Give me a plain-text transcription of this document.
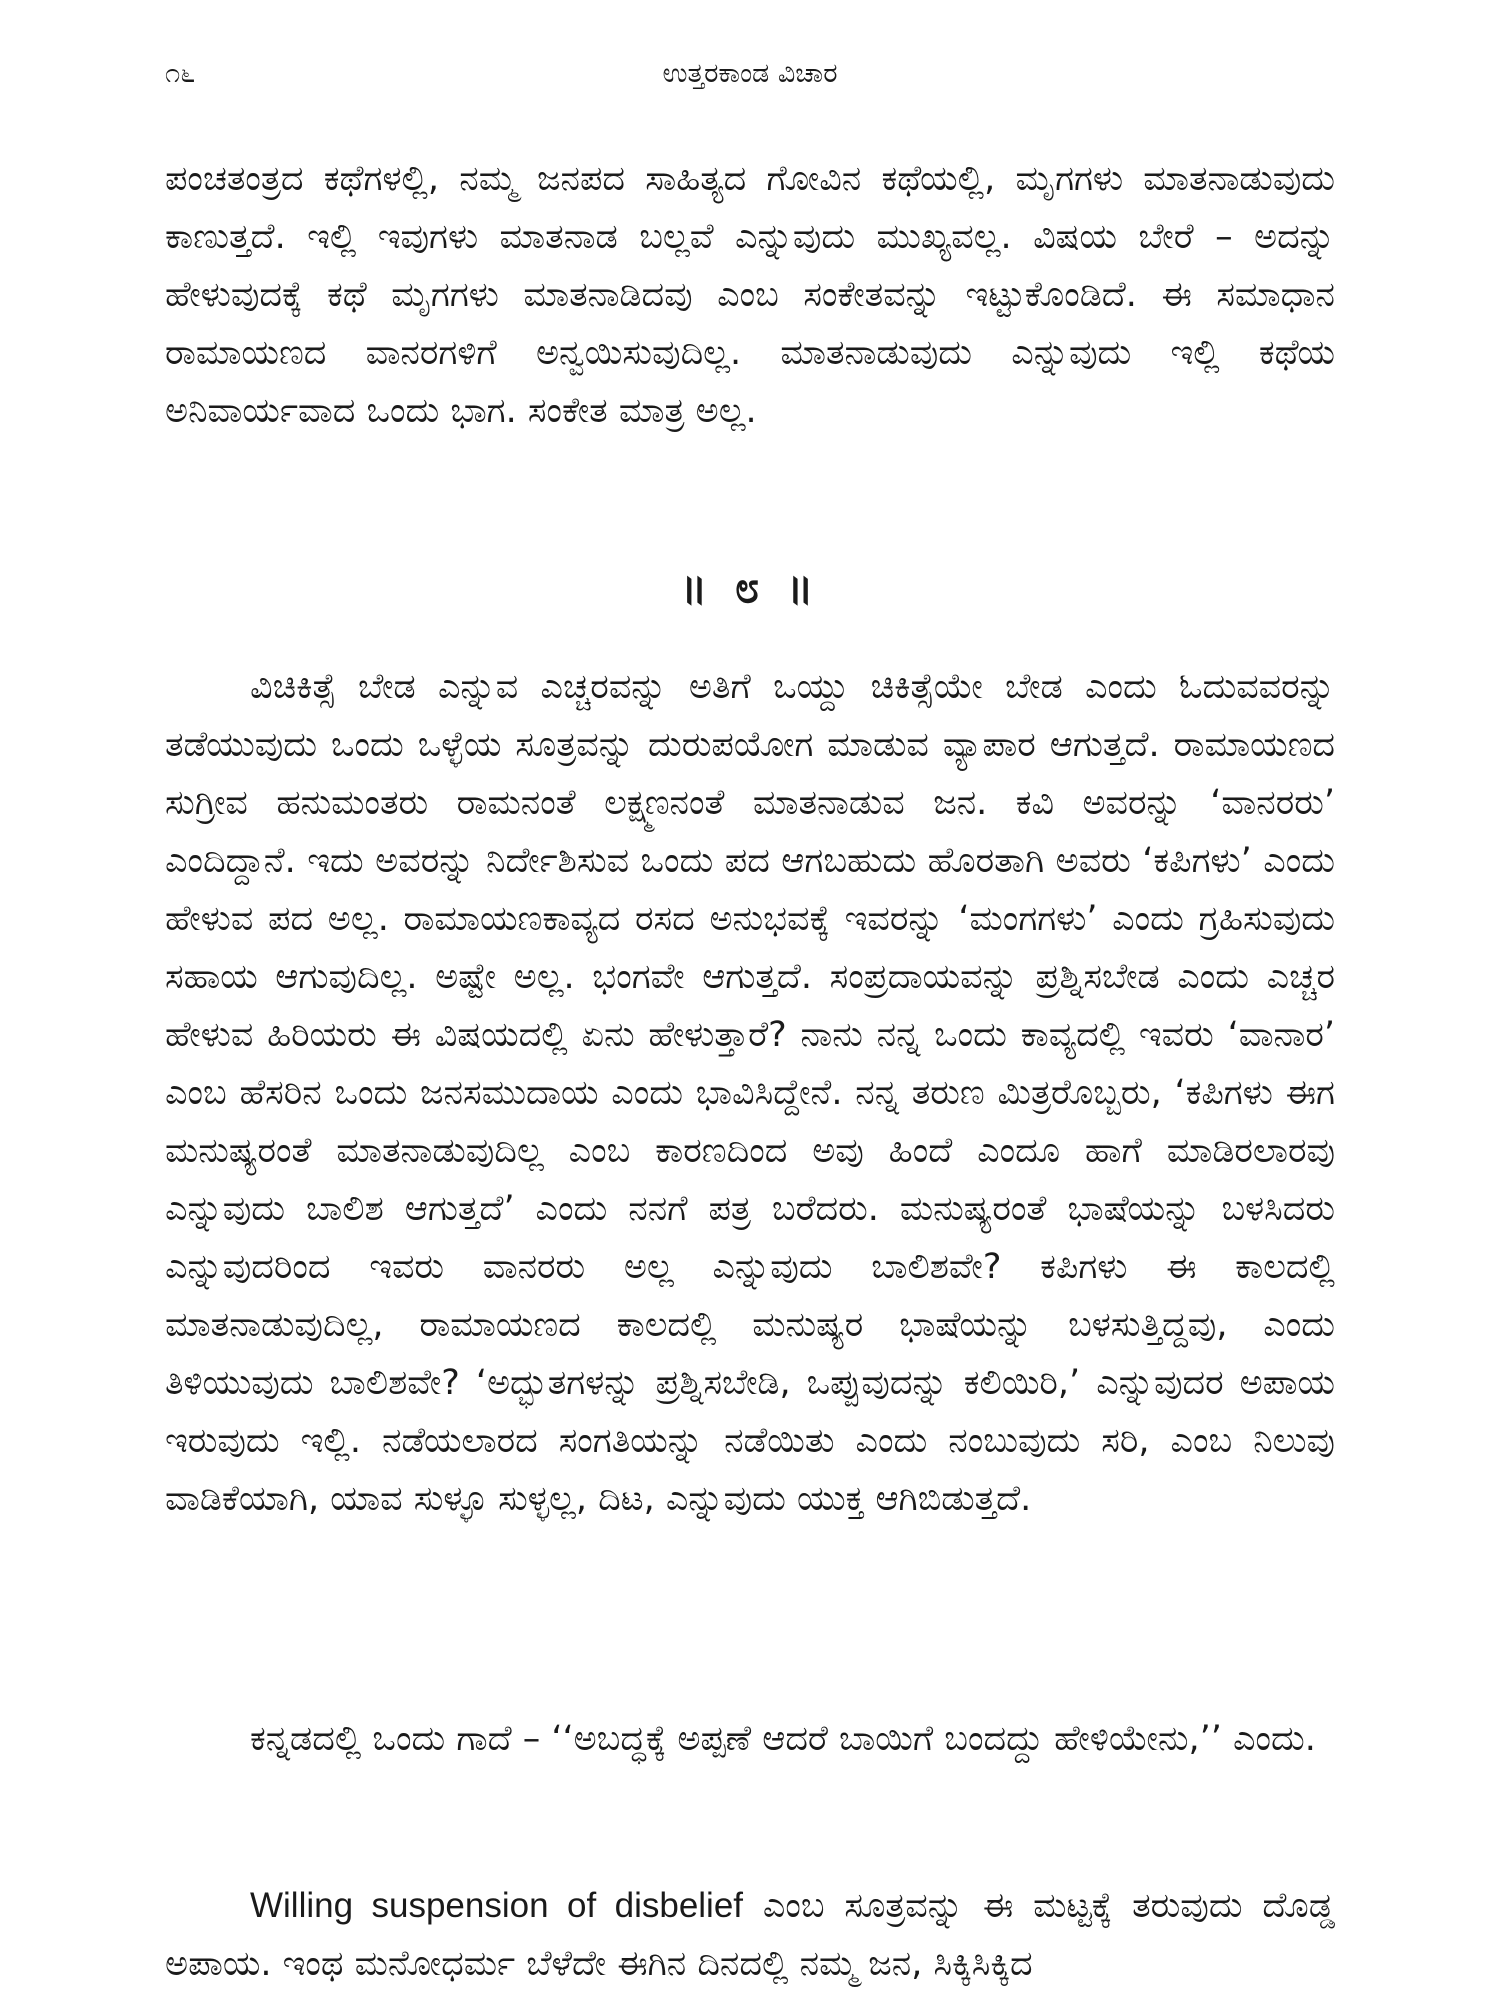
೧೬	ಉತ್ತರಕಾಂಡ ವಿಚಾರ

ಪಂಚತಂತ್ರದ ಕಥೆಗಳಲ್ಲಿ, ನಮ್ಮ ಜನಪದ ಸಾಹಿತ್ಯದ ಗೋವಿನ ಕಥೆಯಲ್ಲಿ, ಮೃಗಗಳು ಮಾತನಾಡುವುದು ಕಾಣುತ್ತದೆ. ಇಲ್ಲಿ ಇವುಗಳು ಮಾತನಾಡ ಬಲ್ಲವೆ ಎನ್ನುವುದು ಮುಖ್ಯವಲ್ಲ. ವಿಷಯ ಬೇರೆ – ಅದನ್ನು ಹೇಳುವುದಕ್ಕೆ ಕಥೆ ಮೃಗಗಳು ಮಾತನಾಡಿದವು ಎಂಬ ಸಂಕೇತವನ್ನು ಇಟ್ಟುಕೊಂಡಿದೆ. ಈ ಸಮಾಧಾನ ರಾಮಾಯಣದ ವಾನರಗಳಿಗೆ ಅನ್ವಯಿಸುವುದಿಲ್ಲ. ಮಾತನಾಡುವುದು ಎನ್ನುವುದು ಇಲ್ಲಿ ಕಥೆಯ ಅನಿವಾರ್ಯವಾದ ಒಂದು ಭಾಗ. ಸಂಕೇತ ಮಾತ್ರ ಅಲ್ಲ.

॥ ೮ ॥

ವಿಚಿಕಿತ್ಸೆ ಬೇಡ ಎನ್ನುವ ಎಚ್ಚರವನ್ನು ಅತಿಗೆ ಒಯ್ದು ಚಿಕಿತ್ಸೆಯೇ ಬೇಡ ಎಂದು ಓದುವವರನ್ನು ತಡೆಯುವುದು ಒಂದು ಒಳ್ಳೆಯ ಸೂತ್ರವನ್ನು ದುರುಪಯೋಗ ಮಾಡುವ ವ್ಯಾಪಾರ ಆಗುತ್ತದೆ. ರಾಮಾಯಣದ ಸುಗ್ರೀವ ಹನುಮಂತರು ರಾಮನಂತೆ ಲಕ್ಷ್ಮಣನಂತೆ ಮಾತನಾಡುವ ಜನ. ಕವಿ ಅವರನ್ನು ‘ವಾನರರು’ ಎಂದಿದ್ದಾನೆ. ಇದು ಅವರನ್ನು ನಿರ್ದೇಶಿಸುವ ಒಂದು ಪದ ಆಗಬಹುದು ಹೊರತಾಗಿ ಅವರು ‘ಕಪಿಗಳು’ ಎಂದು ಹೇಳುವ ಪದ ಅಲ್ಲ. ರಾಮಾಯಣಕಾವ್ಯದ ರಸದ ಅನುಭವಕ್ಕೆ ಇವರನ್ನು ‘ಮಂಗಗಳು’ ಎಂದು ಗ್ರಹಿಸುವುದು ಸಹಾಯ ಆಗುವುದಿಲ್ಲ. ಅಷ್ಟೇ ಅಲ್ಲ. ಭಂಗವೇ ಆಗುತ್ತದೆ. ಸಂಪ್ರದಾಯವನ್ನು ಪ್ರಶ್ನಿಸಬೇಡ ಎಂದು ಎಚ್ಚರ ಹೇಳುವ ಹಿರಿಯರು ಈ ವಿಷಯದಲ್ಲಿ ಏನು ಹೇಳುತ್ತಾರೆ? ನಾನು ನನ್ನ ಒಂದು ಕಾವ್ಯದಲ್ಲಿ ಇವರು ‘ವಾನಾರ’ ಎಂಬ ಹೆಸರಿನ ಒಂದು ಜನಸಮುದಾಯ ಎಂದು ಭಾವಿಸಿದ್ದೇನೆ. ನನ್ನ ತರುಣ ಮಿತ್ರರೊಬ್ಬರು, ‘ಕಪಿಗಳು ಈಗ ಮನುಷ್ಯರಂತೆ ಮಾತನಾಡುವುದಿಲ್ಲ ಎಂಬ ಕಾರಣದಿಂದ ಅವು ಹಿಂದೆ ಎಂದೂ ಹಾಗೆ ಮಾಡಿರಲಾರವು ಎನ್ನುವುದು ಬಾಲಿಶ ಆಗುತ್ತದೆ’ ಎಂದು ನನಗೆ ಪತ್ರ ಬರೆದರು. ಮನುಷ್ಯರಂತೆ ಭಾಷೆಯನ್ನು ಬಳಸಿದರು ಎನ್ನುವುದರಿಂದ ಇವರು ವಾನರರು ಅಲ್ಲ ಎನ್ನುವುದು ಬಾಲಿಶವೇ? ಕಪಿಗಳು ಈ ಕಾಲದಲ್ಲಿ ಮಾತನಾಡುವುದಿಲ್ಲ, ರಾಮಾಯಣದ ಕಾಲದಲ್ಲಿ ಮನುಷ್ಯರ ಭಾಷೆಯನ್ನು ಬಳಸುತ್ತಿದ್ದವು, ಎಂದು ತಿಳಿಯುವುದು ಬಾಲಿಶವೇ? ‘ಅದ್ಭುತಗಳನ್ನು ಪ್ರಶ್ನಿಸಬೇಡಿ, ಒಪ್ಪುವುದನ್ನು ಕಲಿಯಿರಿ,’ ಎನ್ನುವುದರ ಅಪಾಯ ಇರುವುದು ಇಲ್ಲಿ. ನಡೆಯಲಾರದ ಸಂಗತಿಯನ್ನು ನಡೆಯಿತು ಎಂದು ನಂಬುವುದು ಸರಿ, ಎಂಬ ನಿಲುವು ವಾಡಿಕೆಯಾಗಿ, ಯಾವ ಸುಳ್ಳೂ ಸುಳ್ಳಲ್ಲ, ದಿಟ, ಎನ್ನುವುದು ಯುಕ್ತ ಆಗಿಬಿಡುತ್ತದೆ.

ಕನ್ನಡದಲ್ಲಿ ಒಂದು ಗಾದೆ – ‘‘ಅಬದ್ಧಕ್ಕೆ ಅಪ್ಪಣೆ ಆದರೆ ಬಾಯಿಗೆ ಬಂದದ್ದು ಹೇಳಿಯೇನು,’’ ಎಂದು.

Willing suspension of disbelief ಎಂಬ ಸೂತ್ರವನ್ನು ಈ ಮಟ್ಟಕ್ಕೆ ತರುವುದು ದೊಡ್ಡ ಅಪಾಯ. ಇಂಥ ಮನೋಧರ್ಮ ಬೆಳೆದೇ ಈಗಿನ ದಿನದಲ್ಲಿ ನಮ್ಮ ಜನ, ಸಿಕ್ಕಿಸಿಕ್ಕಿದ
